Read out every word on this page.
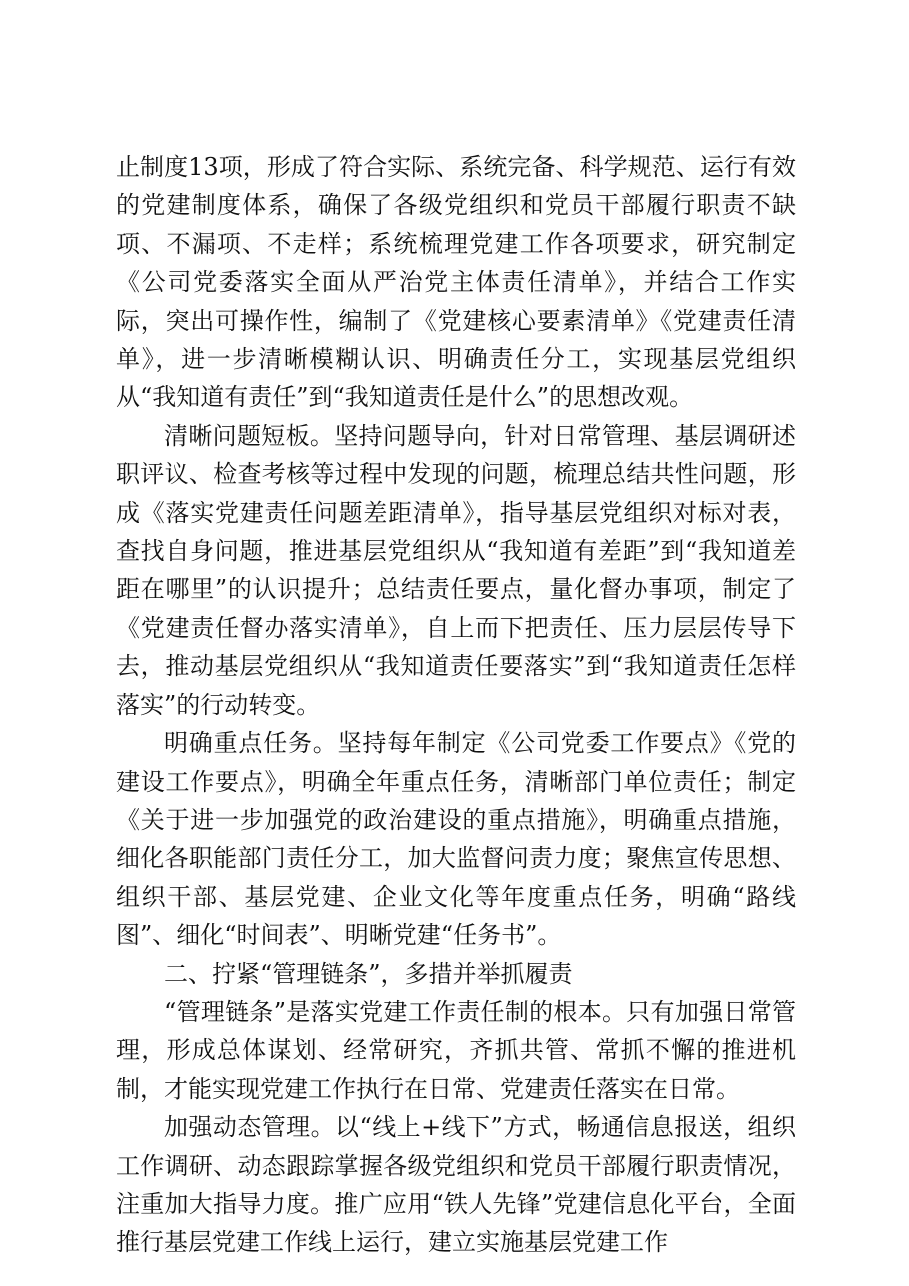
止制度13项，形成了符合实际、系统完备、科学规范、运行有效的党建制度体系，确保了各级党组织和党员干部履行职责不缺项、不漏项、不走样；系统梳理党建工作各项要求，研究制定《公司党委落实全面从严治党主体责任清单》，并结合工作实际，突出可操作性，编制了《党建核心要素清单》《党建责任清单》，进一步清晰模糊认识、明确责任分工，实现基层党组织从“我知道有责任”到“我知道责任是什么”的思想改观。

清晰问题短板。坚持问题导向，针对日常管理、基层调研述职评议、检查考核等过程中发现的问题，梳理总结共性问题，形成《落实党建责任问题差距清单》，指导基层党组织对标对表，查找自身问题，推进基层党组织从“我知道有差距”到“我知道差距在哪里”的认识提升；总结责任要点，量化督办事项，制定了《党建责任督办落实清单》，自上而下把责任、压力层层传导下去，推动基层党组织从“我知道责任要落实”到“我知道责任怎样落实”的行动转变。

明确重点任务。坚持每年制定《公司党委工作要点》《党的建设工作要点》，明确全年重点任务，清晰部门单位责任；制定《关于进一步加强党的政治建设的重点措施》，明确重点措施，细化各职能部门责任分工，加大监督问责力度；聚焦宣传思想、组织干部、基层党建、企业文化等年度重点任务，明确“路线图”、细化“时间表”、明晰党建“任务书”。

二、拧紧“管理链条”，多措并举抓履责

“管理链条”是落实党建工作责任制的根本。只有加强日常管理，形成总体谋划、经常研究，齐抓共管、常抓不懈的推进机制，才能实现党建工作执行在日常、党建责任落实在日常。

加强动态管理。以“线上+线下”方式，畅通信息报送，组织工作调研、动态跟踪掌握各级党组织和党员干部履行职责情况，注重加大指导力度。推广应用“铁人先锋”党建信息化平台，全面推行基层党建工作线上运行，建立实施基层党建工作
